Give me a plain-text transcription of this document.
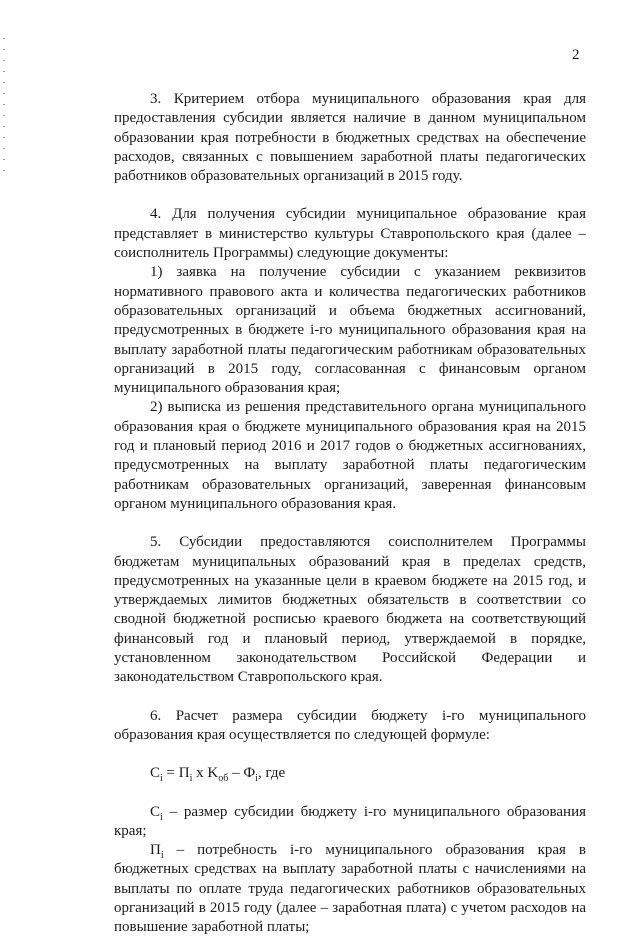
2

3. Критерием отбора муниципального образования края для предоставления субсидии является наличие в данном муниципальном образовании края потребности в бюджетных средствах на обеспечение расходов, связанных с повышением заработной платы педагогических работников образовательных организаций в 2015 году.

4. Для получения субсидии муниципальное образование края представляет в министерство культуры Ставропольского края (далее – соисполнитель Программы) следующие документы:

1) заявка на получение субсидии с указанием реквизитов нормативного правового акта и количества педагогических работников образовательных организаций и объема бюджетных ассигнований, предусмотренных в бюджете i-го муниципального образования края на выплату заработной платы педагогическим работникам образовательных организаций в 2015 году, согласованная с финансовым органом муниципального образования края;

2) выписка из решения представительного органа муниципального образования края о бюджете муниципального образования края на 2015 год и плановый период 2016 и 2017 годов о бюджетных ассигнованиях, предусмотренных на выплату заработной платы педагогическим работникам образовательных организаций, заверенная финансовым органом муниципального образования края.

5. Субсидии предоставляются соисполнителем Программы бюджетам муниципальных образований края в пределах средств, предусмотренных на указанные цели в краевом бюджете на 2015 год, и утверждаемых лимитов бюджетных обязательств в соответствии со сводной бюджетной росписью краевого бюджета на соответствующий финансовый год и плановый период, утверждаемой в порядке, установленном законодательством Российской Федерации и законодательством Ставропольского края.

6. Расчет размера субсидии бюджету i-го муниципального образования края осуществляется по следующей формуле:

$C_i = П_i$ x $K_{об} - Ф_i$, где

$C_i$ – размер субсидии бюджету i-го муниципального образования края;

$П_i$ – потребность i-го муниципального образования края в бюджетных средствах на выплату заработной платы с начислениями на выплаты по оплате труда педагогических работников образовательных организаций в 2015 году (далее – заработная плата) с учетом расходов на повышение заработной платы;
